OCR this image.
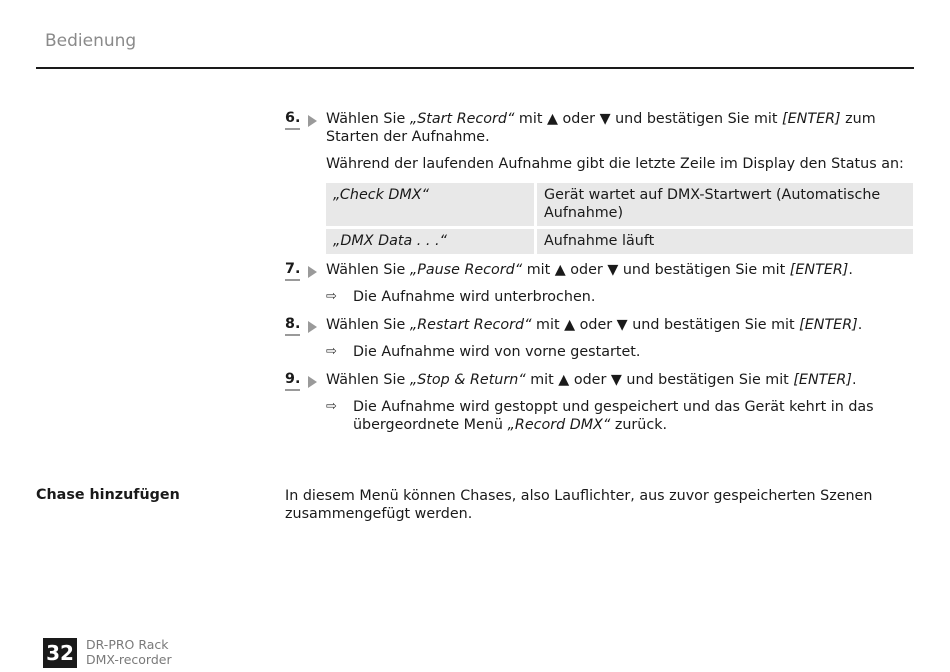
Bedienung
6.	Wählen Sie „Start Record“ mit ▲ oder ▼ und bestätigen Sie mit [ENTER] zum Starten der Aufnahme.
Während der laufenden Aufnahme gibt die letzte Zeile im Display den Status an:
„Check DMX“	Gerät wartet auf DMX-Startwert (Automatische Aufnahme)
„DMX Data . . .“	Aufnahme läuft
7.	Wählen Sie „Pause Record“ mit ▲ oder ▼ und bestätigen Sie mit [ENTER].
⇨ Die Aufnahme wird unterbrochen.
8.	Wählen Sie „Restart Record“ mit ▲ oder ▼ und bestätigen Sie mit [ENTER].
⇨ Die Aufnahme wird von vorne gestartet.
9.	Wählen Sie „Stop & Return“ mit ▲ oder ▼ und bestätigen Sie mit [ENTER].
⇨ Die Aufnahme wird gestoppt und gespeichert und das Gerät kehrt in das übergeordnete Menü „Record DMX“ zurück.
Chase hinzufügen	In diesem Menü können Chases, also Lauflichter, aus zuvor gespeicherten Szenen zusammengefügt werden.
32 DR-PRO Rack
DMX-recorder
